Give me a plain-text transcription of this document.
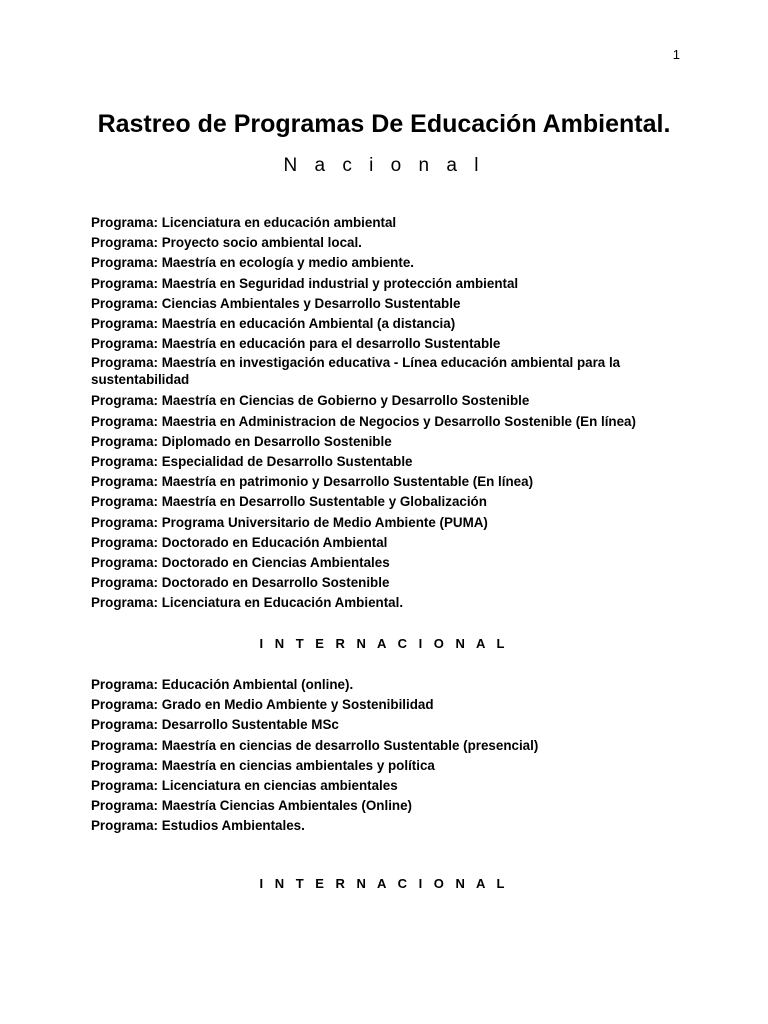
1
Rastreo de Programas De Educación Ambiental.
N a c i o n a l
Programa: Licenciatura en educación ambiental
Programa: Proyecto socio ambiental local.
Programa: Maestría en ecología y medio ambiente.
Programa: Maestría en Seguridad industrial y protección ambiental
Programa: Ciencias Ambientales y Desarrollo Sustentable
Programa: Maestría en educación Ambiental (a distancia)
Programa: Maestría en educación para el desarrollo Sustentable
Programa: Maestría en investigación educativa - Línea educación ambiental para la sustentabilidad
Programa: Maestría en Ciencias de Gobierno y Desarrollo Sostenible
Programa: Maestria en Administracion de Negocios y Desarrollo Sostenible (En línea)
Programa: Diplomado en Desarrollo Sostenible
Programa: Especialidad de Desarrollo Sustentable
Programa: Maestría en patrimonio y Desarrollo Sustentable (En línea)
Programa: Maestría en Desarrollo Sustentable y Globalización
Programa: Programa Universitario de Medio Ambiente (PUMA)
Programa: Doctorado en Educación Ambiental
Programa: Doctorado en Ciencias Ambientales
Programa: Doctorado en Desarrollo Sostenible
Programa: Licenciatura en Educación Ambiental.
I N T E R N A C I O N A L
Programa: Educación Ambiental (online).
Programa: Grado en Medio Ambiente y Sostenibilidad
Programa: Desarrollo Sustentable MSc
Programa: Maestría en ciencias de desarrollo Sustentable (presencial)
Programa: Maestría en ciencias ambientales y política
Programa: Licenciatura en ciencias ambientales
Programa: Maestría Ciencias Ambientales (Online)
Programa: Estudios Ambientales.
I N T E R N A C I O N A L
